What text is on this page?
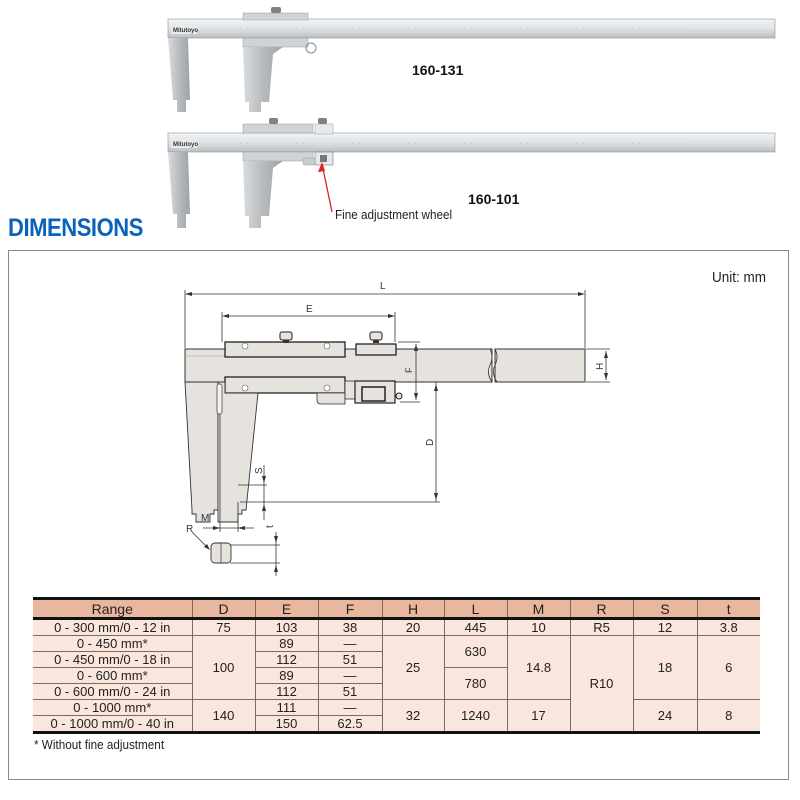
Mitutoyo
160-131
Mitutoyo
Fine adjustment wheel
160-101
DIMENSIONS
Unit: mm
L
E
F
H
D
S
M
R	t
Range	D	E	F	H	L	M	R	S	t
0 - 300 mm/0 - 12 in	75	103	38	20	445	10	R5	12	3.8
0 - 450 mm*	100	89	—	25	630	14.8	R10	18	6
0 - 450 mm/0 - 18 in		112	51						
0 - 600 mm*		89	—		780				
0 - 600 mm/0 - 24 in		112	51						
0 - 1000 mm*	140	111	—	32	1240	17		24	8
0 - 1000 mm/0 - 40 in		150	62.5						
* Without fine adjustment
